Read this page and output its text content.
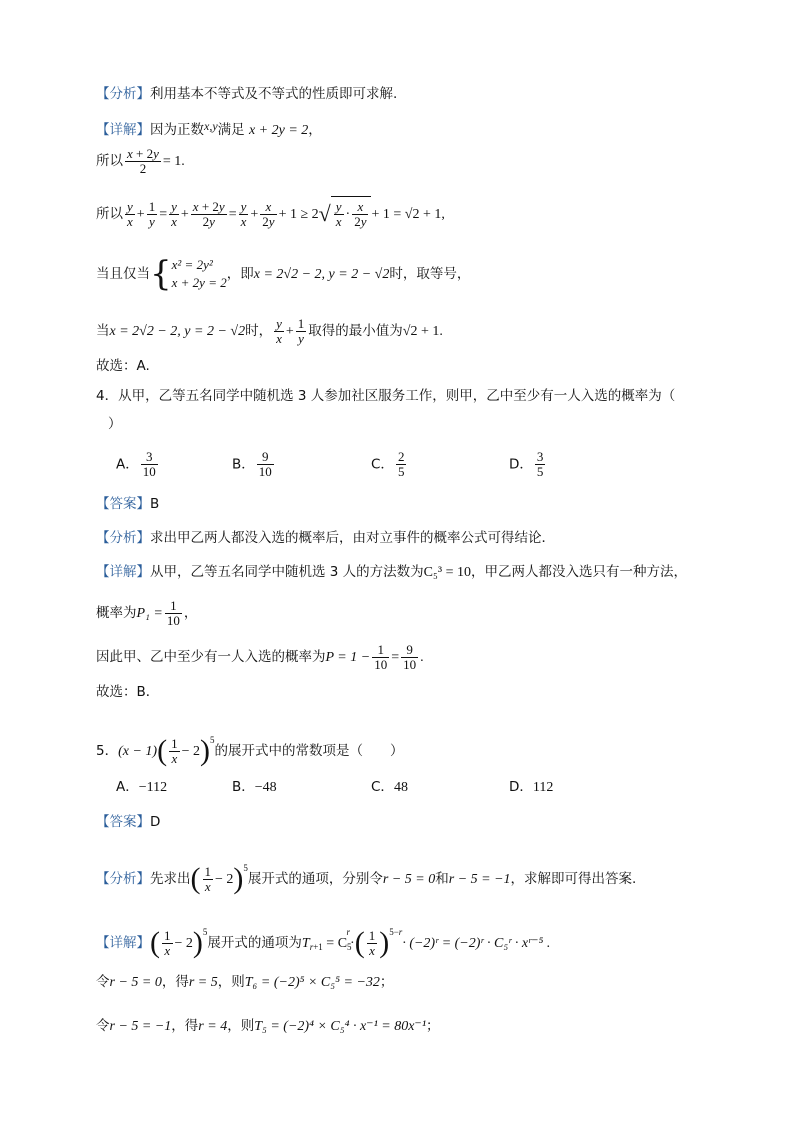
【分析】利用基本不等式及不等式的性质即可求解.
【详解】因为正数x,y满足 x + 2y = 2，
所以 $\frac{x + 2y}{2} = 1$.
所以 $\frac{y}{x} + \frac{1}{y} = \frac{y}{x} + \frac{x + 2y}{2y} = \frac{y}{x} + \frac{x}{2y} + 1 \ge 2√ \frac{y}{x} \cdot \frac{x}{2y} + 1 = √2 + 1$,
当且仅当{ x² = 2y²
x + 2y = 2
，即x = 2√2 − 2, y = 2 − √2时，取等号，
当x = 2√2 − 2, y = 2 − √2时， $\frac{y}{x} + \frac{1}{y}$ 取得的最小值为√2 + 1.
故选：A.
4．从甲，乙等五名同学中随机选 3 人参加社区服务工作，则甲，乙中至少有一人入选的概率为（
）
A． $\frac{3}{10}$	B． $\frac{9}{10}$	C． $\frac{2}{5}$	D． $\frac{3}{5}$
【答案】B
【分析】求出甲乙两人都没入选的概率后，由对立事件的概率公式可得结论．
【详解】从甲，乙等五名同学中随机选 3 人的方法数为C₅³ = 10，甲乙两人都没入选只有一种方法，
概率为$P_1 = \frac{1}{10}$ ，
因此甲、乙中至少有一人入选的概率为$P = 1 - \frac{1}{10} = \frac{9}{10}$ .
故选：B．
5．$(x - 1)( \frac{1}{x} - 2)^5$的展开式中的常数项是（　　）
A．−112	B．−48	C．48	D．112
【答案】D
【分析】先求出( $\frac{1}{x} - 2)^5$展开式的通项，分别令r − 5 = 0和r − 5 = −1，求解即可得出答案.
【详解】( $\frac{1}{x} - 2)^5$展开式的通项为$T_{r+1} = C_5^r\cdot( \frac{1}{x} )^{5-r}\cdot$ (−2)ʳ = (−2)ʳ · C₅ʳ · xʳ⁻⁵ .
令r − 5 = 0，得r = 5，则T₆ = (−2)⁵ × C₅⁵ = −32；
令r − 5 = −1，得r = 4，则T₅ = (−2)⁴ × C₅⁴ · x⁻¹ = 80x⁻¹；
